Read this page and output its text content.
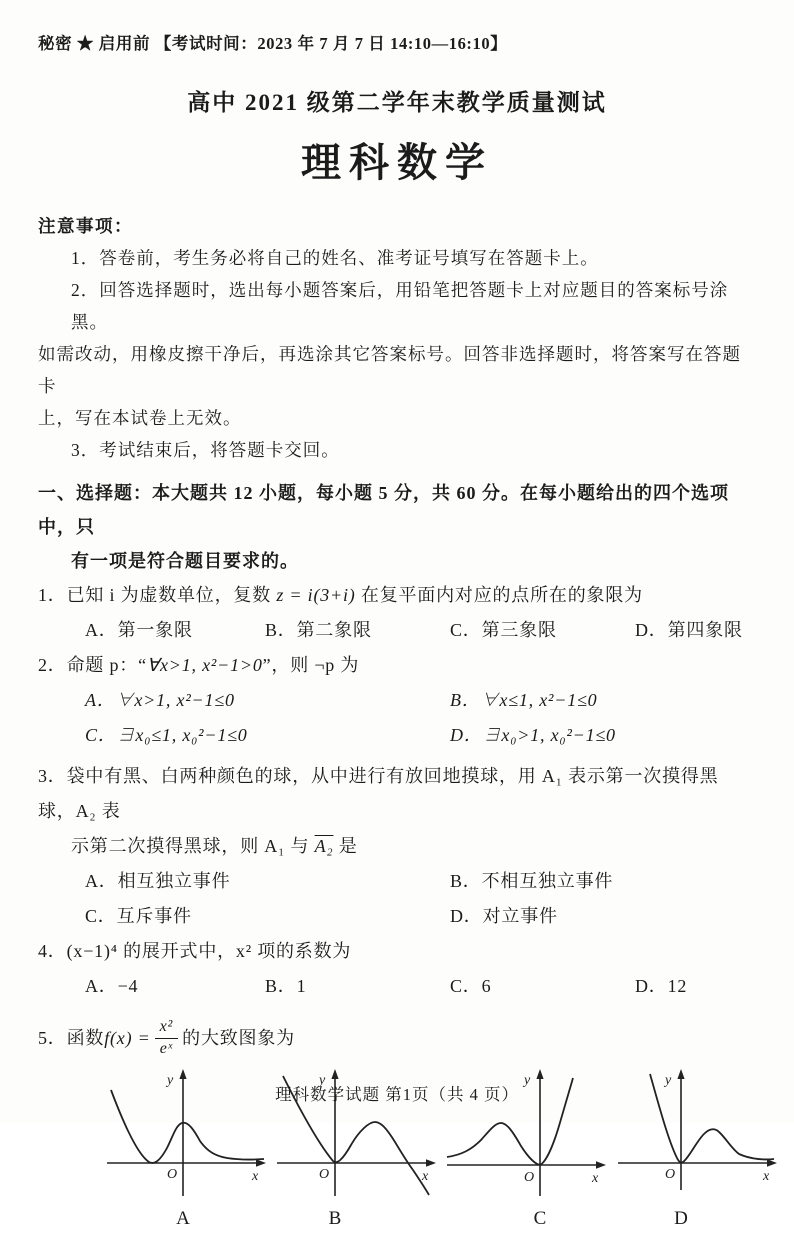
秘密 ★ 启用前 【考试时间：2023 年 7 月 7 日 14:10—16:10】
高中 2021 级第二学年末教学质量测试
理科数学
注意事项：
1．答卷前，考生务必将自己的姓名、准考证号填写在答题卡上。
2．回答选择题时，选出每小题答案后，用铅笔把答题卡上对应题目的答案标号涂黑。
如需改动，用橡皮擦干净后，再选涂其它答案标号。回答非选择题时，将答案写在答题卡
上，写在本试卷上无效。
3．考试结束后，将答题卡交回。
一、选择题：本大题共 12 小题，每小题 5 分，共 60 分。在每小题给出的四个选项中，只
有一项是符合题目要求的。
1．已知 i 为虚数单位，复数 z = i(3+i) 在复平面内对应的点所在的象限为
A．第一象限	B．第二象限	C．第三象限	D．第四象限
2．命题 p：“∀x>1, x²−1>0”，则 ¬p 为
A．∀x>1, x²−1≤0	B．∀x≤1, x²−1≤0
C．∃x₀≤1, x₀²−1≤0	D．∃x₀>1, x₀²−1≤0
3．袋中有黑、白两种颜色的球，从中进行有放回地摸球，用 A₁ 表示第一次摸得黑球，A₂ 表
示第二次摸得黑球，则 A₁ 与 A₂ 是
A．相互独立事件	B．不相互独立事件
C．互斥事件	D．对立事件
4．(x−1)⁴ 的展开式中，x² 项的系数为
A．−4	B．1	C．6	D．12
5．函数 $f(x) = \frac{\text{x²}}{\text{eˣ}}$ 的大致图象为
y
x
O
A
y
x
O
B
y
x
O
C
y
x
O
D
理科数学试题 第1页（共 4 页）
